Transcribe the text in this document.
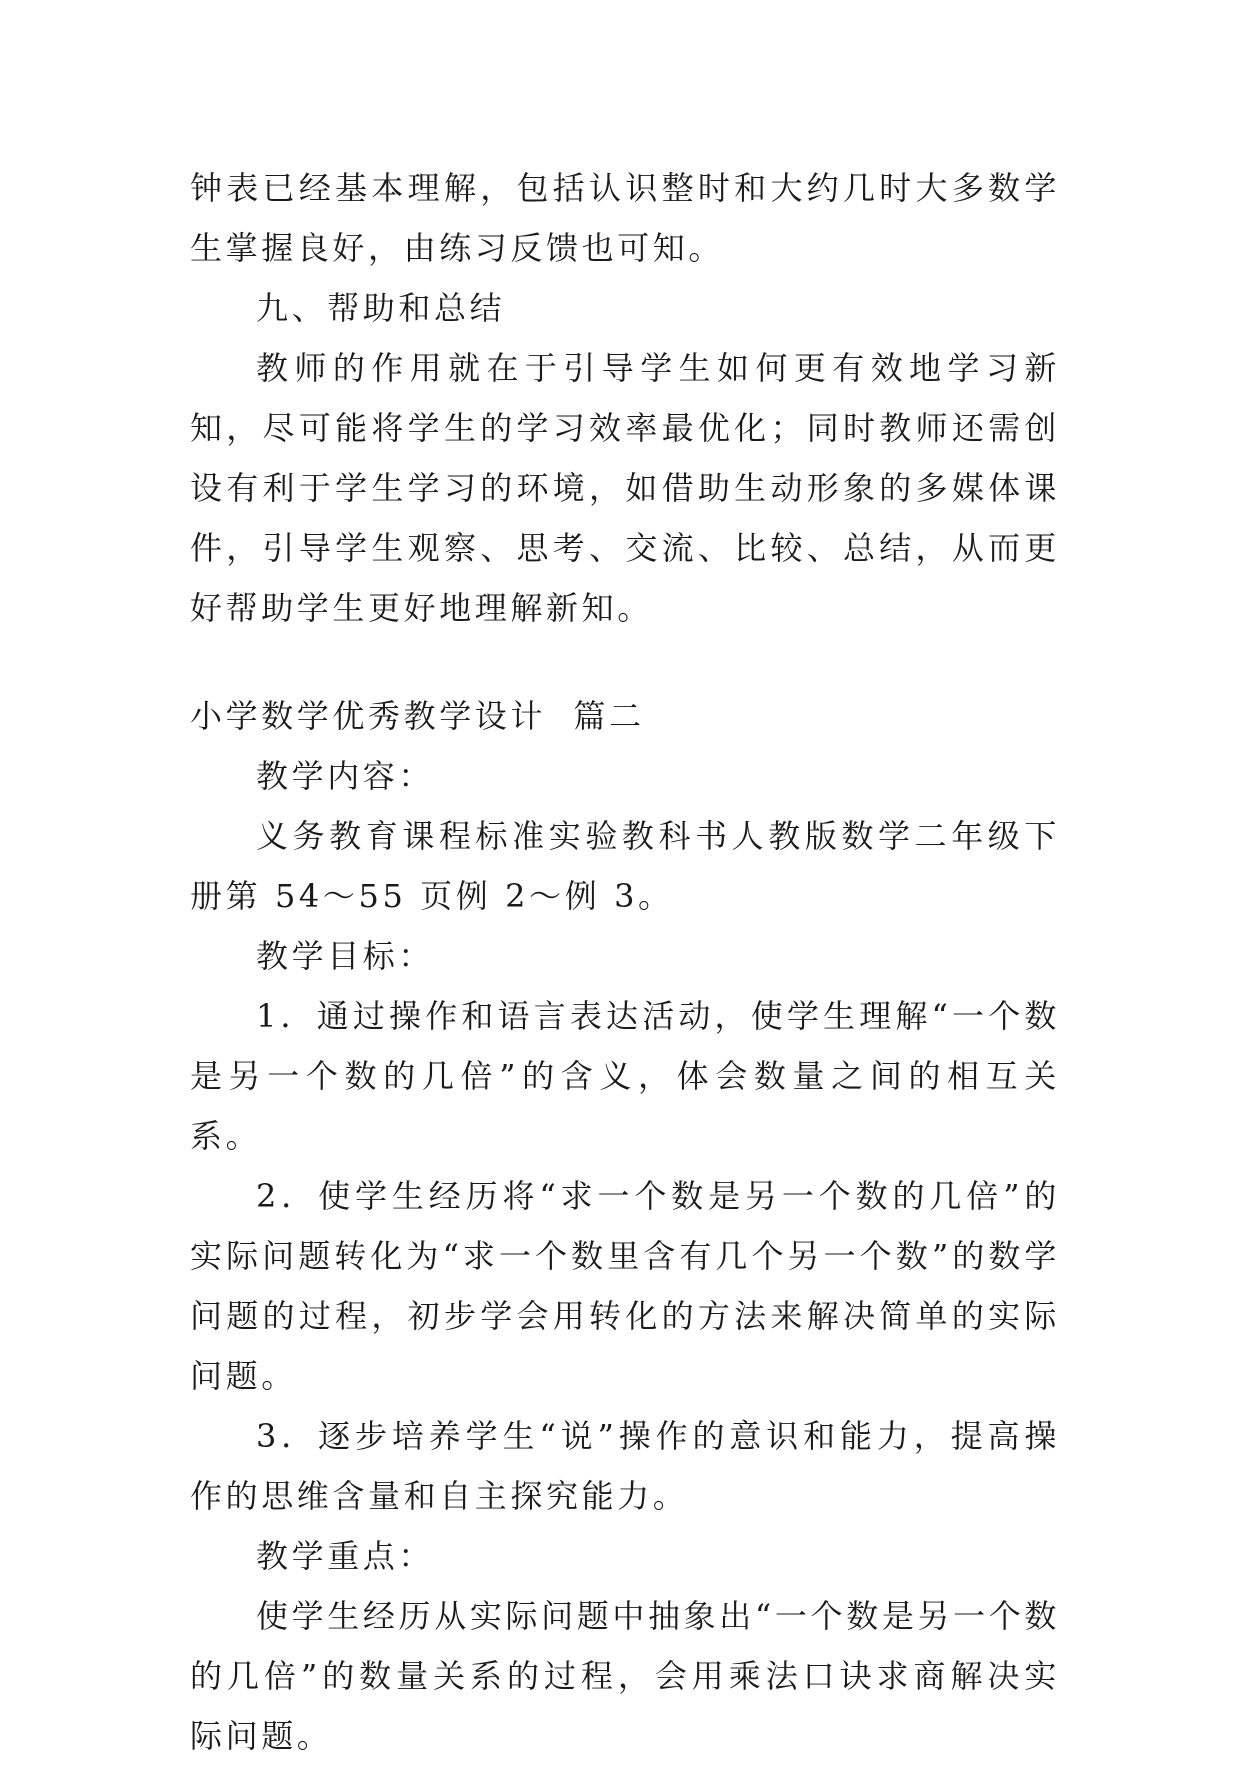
钟表已经基本理解，包括认识整时和大约几时大多数学生掌握良好，由练习反馈也可知。

九、帮助和总结

教师的作用就在于引导学生如何更有效地学习新知，尽可能将学生的学习效率最优化；同时教师还需创设有利于学生学习的环境，如借助生动形象的多媒体课件，引导学生观察、思考、交流、比较、总结，从而更好帮助学生更好地理解新知。

小学数学优秀教学设计  篇二

教学内容：

义务教育课程标准实验教科书人教版数学二年级下册第 54～55 页例 2～例 3。

教学目标：

1．通过操作和语言表达活动，使学生理解“一个数是另一个数的几倍”的含义，体会数量之间的相互关系。

2．使学生经历将“求一个数是另一个数的几倍”的实际问题转化为“求一个数里含有几个另一个数”的数学问题的过程，初步学会用转化的方法来解决简单的实际问题。

3．逐步培养学生“说”操作的意识和能力，提高操作的思维含量和自主探究能力。

教学重点：

使学生经历从实际问题中抽象出“一个数是另一个数的几倍”的数量关系的过程，会用乘法口诀求商解决实际问题。
